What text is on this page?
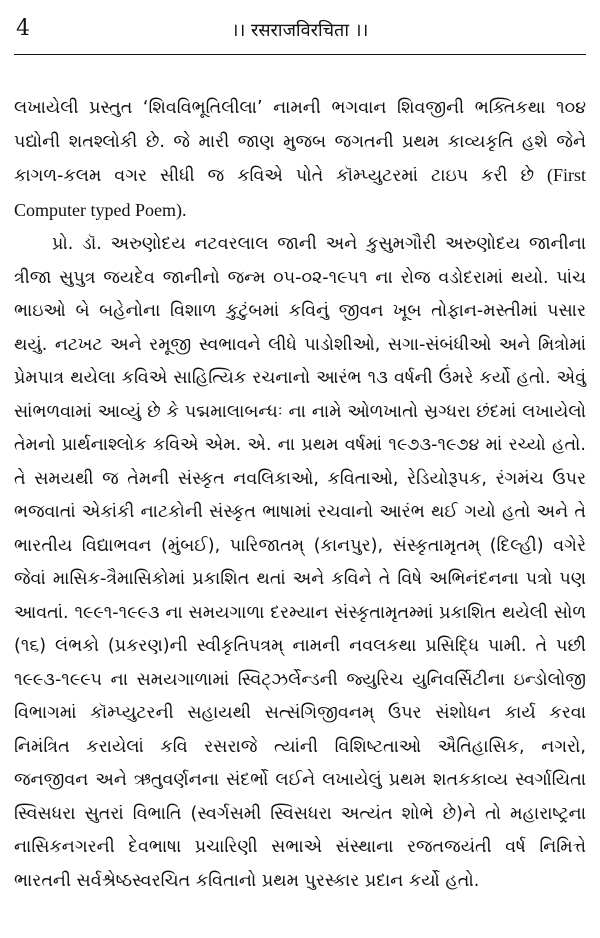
4	।। रसराजविरचिता ।।

લખાયેલી પ્રસ્તુત ‘શિવવિભૂતિલીલા’ નામની ભગવાન શિવજીની ભક્તિકથા ૧૦૪ પદ્યોની શતશ્લોકી છે. જે મારી જાણ મુજબ જગતની પ્રથમ કાવ્યકૃતિ હશે જેને કાગળ-કલમ વગર સીધી જ કવિએ પોતે કૉમ્પ્યુટરમાં ટાઇપ કરી છે (First Computer typed Poem).

પ્રો. ડૉ. અરુણોદય નટવરલાલ જાની અને કુસુમગૌરી અરુણોદય જાનીના ત્રીજા સુપુત્ર જયદેવ જાનીનો જન્મ ૦૫-૦૨-૧૯૫૧ ના રોજ વડોદરામાં થયો. પાંચ ભાઇઓ બે બહેનોના વિશાળ કુટુંબમાં કવિનું જીવન ખૂબ તોફાન-મસ્તીમાં પસાર થયું. નટખટ અને રમૂજી સ્વભાવને લીધે પાડોશીઓ, સગા-સંબંધીઓ અને મિત્રોમાં પ્રેમપાત્ર થયેલા કવિએ સાહિત્યિક રચનાનો આરંભ ૧૩ વર્ષની ઉંમરે કર્યો હતો. એવું સાંભળવામાં આવ્યું છે કે પદ્મમાલાબન્ધઃ ના નામે ઓળખાતો સ્રગ્ધરા છંદમાં લખાયેલો તેમનો પ્રાર્થનાશ્લોક કવિએ એમ. એ. ના પ્રથમ વર્ષમાં ૧૯૭૩-૧૯૭૪ માં રચ્યો હતો. તે સમયથી જ તેમની સંસ્કૃત નવલિકાઓ, કવિતાઓ, રેડિયોરૂપક, રંગમંચ ઉપર ભજવાતાં એકાંકી નાટકોની સંસ્કૃત ભાષામાં રચવાનો આરંભ થઈ ગયો હતો અને તે ભારતીય વિદ્યાભવન (મુંબઈ), પારિજાતમ્ (કાનપુર), સંસ્કૃતામૃતમ્ (દિલ્હી) વગેરે જેવાં માસિક-ત્રૈમાસિકોમાં પ્રકાશિત થતાં અને કવિને તે વિષે અભિનંદનના પત્રો પણ આવતાં. ૧૯૯૧-૧૯૯૩ ના સમયગાળા દરમ્યાન સંસ્કૃતામૃતમ્માં પ્રકાશિત થયેલી સોળ (૧૬) લંભકો (પ્રકરણ)ની સ્વીકૃતિપત્રમ્ નામની નવલકથા પ્રસિદ્ધિ પામી. તે પછી ૧૯૯૩-૧૯૯૫ ના સમયગાળામાં સ્વિટ્ઝર્લેન્ડની જ્યુરિચ યુનિવર્સિટીના ઇન્ડોલોજી વિભાગમાં કૉમ્પ્યુટરની સહાયથી સત્સંગિજીવનમ્ ઉપર સંશોધન કાર્ય કરવા નિમંત્રિત કરાયેલાં કવિ રસરાજે ત્યાંની વિશિષ્ટતાઓ ઐતિહાસિક, નગરો, જનજીવન અને ઋતુવર્ણનના સંદર્ભો લઈને લખાયેલું પ્રથમ શતકકાવ્ય સ્વર્ગાયિતા સ્વિસધરા સુતરાં વિભાતિ (સ્વર્ગસમી સ્વિસધરા અત્યંત શોભે છે)ને તો મહારાષ્ટ્રના નાસિકનગરની દેવભાષા પ્રચારિણી સભાએ સંસ્થાના રજતજયંતી વર્ષ નિમિત્તે ભારતની સર્વશ્રેષ્ઠસ્વરચિત કવિતાનો પ્રથમ પુરસ્કાર પ્રદાન કર્યો હતો.
